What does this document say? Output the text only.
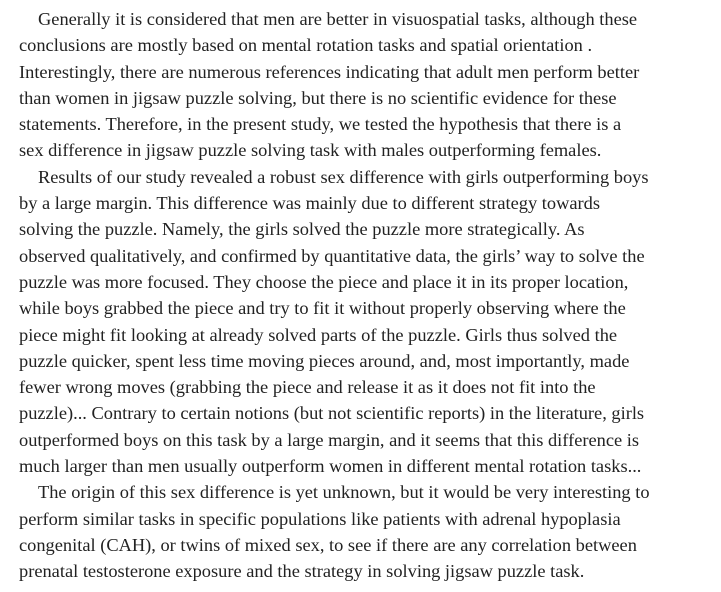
Generally it is considered that men are better in visuospatial tasks, although these
conclusions are mostly based on mental rotation tasks and spatial orientation .
Interestingly, there are numerous references indicating that adult men perform better
than women in jigsaw puzzle solving, but there is no scientific evidence for these
statements. Therefore, in the present study, we tested the hypothesis that there is a
sex difference in jigsaw puzzle solving task with males outperforming females.
Results of our study revealed a robust sex difference with girls outperforming boys
by a large margin. This difference was mainly due to different strategy towards
solving the puzzle. Namely, the girls solved the puzzle more strategically. As
observed qualitatively, and confirmed by quantitative data, the girls’ way to solve the
puzzle was more focused. They choose the piece and place it in its proper location,
while boys grabbed the piece and try to fit it without properly observing where the
piece might fit looking at already solved parts of the puzzle. Girls thus solved the
puzzle quicker, spent less time moving pieces around, and, most importantly, made
fewer wrong moves (grabbing the piece and release it as it does not fit into the
puzzle)... Contrary to certain notions (but not scientific reports) in the literature, girls
outperformed boys on this task by a large margin, and it seems that this difference is
much larger than men usually outperform women in different mental rotation tasks...
The origin of this sex difference is yet unknown, but it would be very interesting to
perform similar tasks in specific populations like patients with adrenal hypoplasia
congenital (CAH), or twins of mixed sex, to see if there are any correlation between
prenatal testosterone exposure and the strategy in solving jigsaw puzzle task.
